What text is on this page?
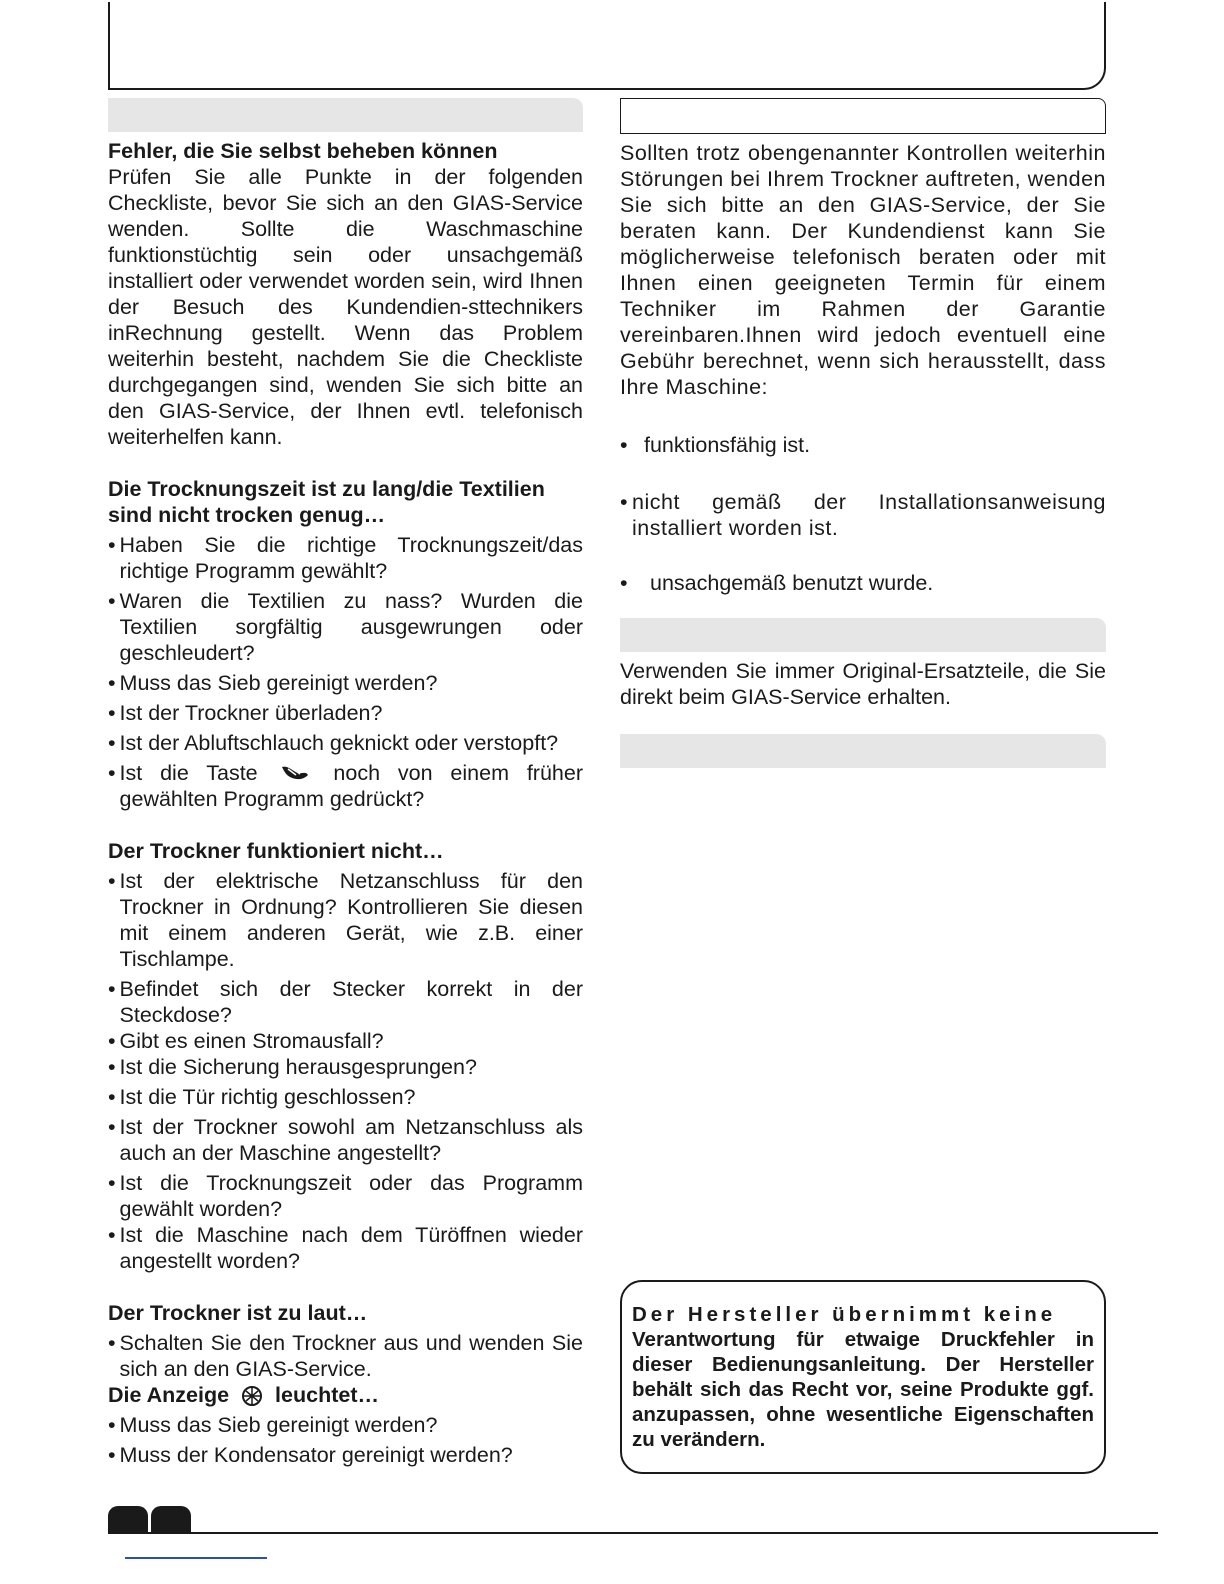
Fehler, die Sie selbst beheben können

Prüfen Sie alle Punkte in der folgenden Checkliste, bevor Sie sich an den GIAS-Service wenden. Sollte die Waschmaschine funktionstüchtig sein oder unsachgemäß installiert oder verwendet worden sein, wird Ihnen der Besuch des Kundendien-sttechnikers inRechnung gestellt. Wenn das Problem weiterhin besteht, nachdem Sie die Checkliste durchgegangen sind, wenden Sie sich bitte an den GIAS-Service, der Ihnen evtl. telefonisch weiterhelfen kann.

Die Trocknungszeit ist zu lang/die Textilien sind nicht trocken genug…

• Haben Sie die richtige Trocknungszeit/das richtige Programm gewählt?
• Waren die Textilien zu nass? Wurden die Textilien sorgfältig ausgewrungen oder geschleudert?
• Muss das Sieb gereinigt werden?
• Ist der Trockner überladen?
• Ist der Abluftschlauch geknickt oder verstopft?
• Ist die Taste	noch von einem früher gewählten Programm gedrückt?

Der Trockner funktioniert nicht…

• Ist der elektrische Netzanschluss für den Trockner in Ordnung? Kontrollieren Sie diesen mit einem anderen Gerät, wie z.B. einer Tischlampe.
• Befindet sich der Stecker korrekt in der Steckdose?
• Gibt es einen Stromausfall?
• Ist die Sicherung herausgesprungen?
• Ist die Tür richtig geschlossen?
• Ist der Trockner sowohl am Netzanschluss als auch an der Maschine angestellt?
• Ist die Trocknungszeit oder das Programm gewählt worden?
• Ist die Maschine nach dem Türöffnen wieder angestellt worden?

Der Trockner ist zu laut…

• Schalten Sie den Trockner aus und wenden Sie sich an den GIAS-Service.

Die Anzeige leuchtet…

• Muss das Sieb gereinigt werden?
• Muss der Kondensator gereinigt werden?

Sollten trotz obengenannter Kontrollen weiterhin Störungen bei Ihrem Trockner auftreten, wenden Sie sich bitte an den GIAS-Service, der Sie beraten kann. Der Kundendienst kann Sie möglicherweise telefonisch beraten oder mit Ihnen einen geeigneten Termin für einem Techniker im Rahmen der Garantie vereinbaren.Ihnen wird jedoch eventuell eine Gebühr berechnet, wenn sich herausstellt, dass Ihre Maschine:

• funktionsfähig ist.
• nicht gemäß der Installationsanweisung installiert worden ist.
•	unsachgemäß benutzt wurde.

Verwenden Sie immer Original-Ersatzteile, die Sie direkt beim GIAS-Service erhalten.

Der Hersteller übernimmt keine
Verantwortung für etwaige Druckfehler in dieser Bedienungsanleitung. Der Hersteller behält sich das Recht vor, seine Produkte ggf. anzupassen, ohne wesentliche Eigenschaften zu verändern.
